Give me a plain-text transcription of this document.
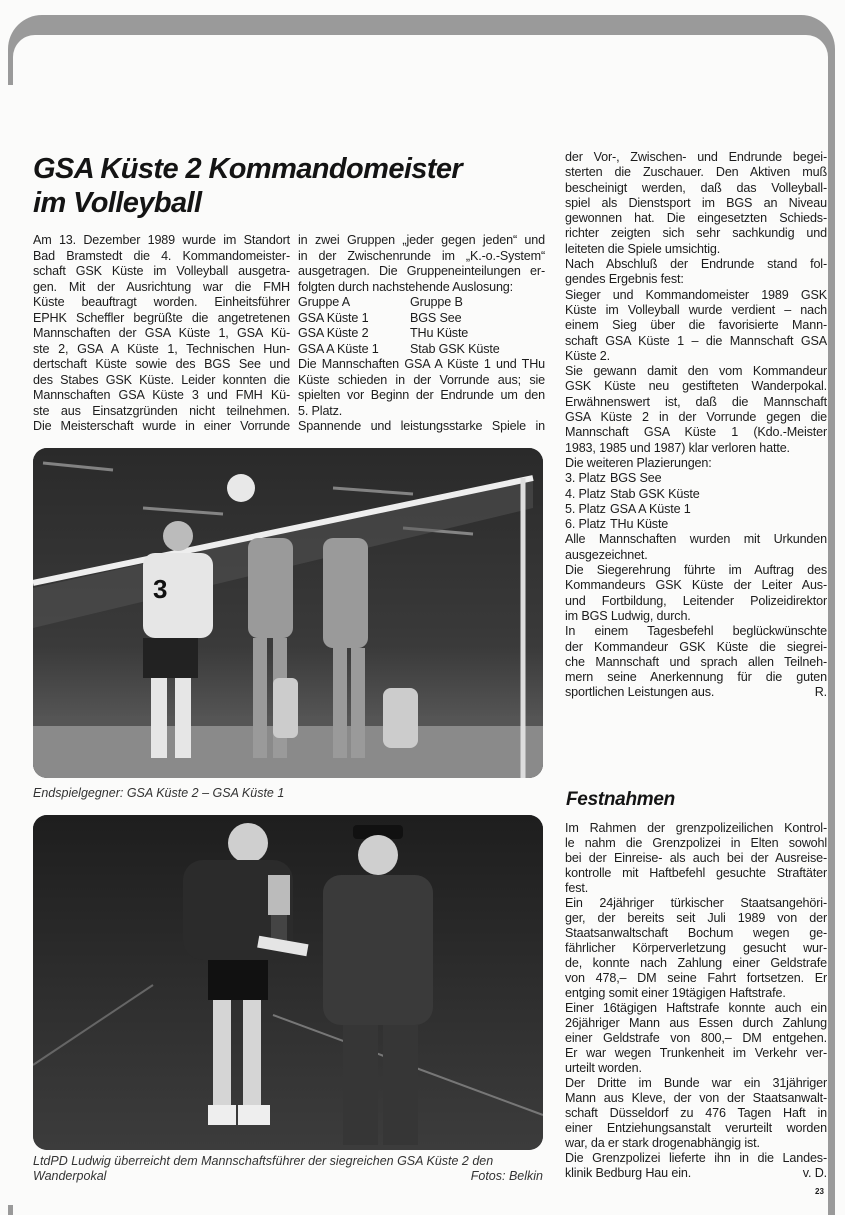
GSA Küste 2 Kommandomeister
im Volleyball
Am 13. Dezember 1989 wurde im Standort
Bad Bramstedt die 4. Kommandomeister-
schaft GSK Küste im Volleyball ausgetra-
gen. Mit der Ausrichtung war die FMH
Küste beauftragt worden. Einheitsführer
EPHK Scheffler begrüßte die angetretenen
Mannschaften der GSA Küste 1, GSA Kü-
ste 2, GSA A Küste 1, Technischen Hun-
dertschaft Küste sowie des BGS See und
des Stabes GSK Küste. Leider konnten die
Mannschaften GSA Küste 3 und FMH Kü-
ste aus Einsatzgründen nicht teilnehmen.
Die Meisterschaft wurde in einer Vorrunde
in zwei Gruppen „jeder gegen jeden“ und
in der Zwischenrunde im „K.-o.-System“
ausgetragen. Die Gruppeneinteilungen er-
folgten durch nachstehende Auslosung:
Gruppe A	Gruppe B
GSA Küste 1	BGS See
GSA Küste 2	THu Küste
GSA A Küste 1	Stab GSK Küste
Die Mannschaften GSA A Küste 1 und THu
Küste schieden in der Vorrunde aus; sie
spielten vor Beginn der Endrunde um den
5. Platz.
Spannende und leistungsstarke Spiele in
der Vor-, Zwischen- und Endrunde begei-
sterten die Zuschauer. Den Aktiven muß
bescheinigt werden, daß das Volleyball-
spiel als Dienstsport im BGS an Niveau
gewonnen hat. Die eingesetzten Schieds-
richter zeigten sich sehr sachkundig und
leiteten die Spiele umsichtig.
Nach Abschluß der Endrunde stand fol-
gendes Ergebnis fest:
Sieger und Kommandomeister 1989 GSK
Küste im Volleyball wurde verdient – nach
einem Sieg über die favorisierte Mann-
schaft GSA Küste 1 – die Mannschaft GSA
Küste 2.
Sie gewann damit den vom Kommandeur
GSK Küste neu gestifteten Wanderpokal.
Erwähnenswert ist, daß die Mannschaft
GSA Küste 2 in der Vorrunde gegen die
Mannschaft GSA Küste 1 (Kdo.-Meister
1983, 1985 und 1987) klar verloren hatte.
Die weiteren Plazierungen:
3. Platz BGS See
4. Platz Stab GSK Küste
5. Platz GSA A Küste 1
6. Platz THu Küste
Alle Mannschaften wurden mit Urkunden
ausgezeichnet.
Die Siegerehrung führte im Auftrag des
Kommandeurs GSK Küste der Leiter Aus-
und Fortbildung, Leitender Polizeidirektor
im BGS Ludwig, durch.
In einem Tagesbefehl beglückwünschte
der Kommandeur GSK Küste die siegrei-
che Mannschaft und sprach allen Teilneh-
mern seine Anerkennung für die guten
R.
sportlichen Leistungen aus.
3
Endspielgegner: GSA Küste 2 – GSA Küste 1
Fotos: Belkin
LtdPD Ludwig überreicht dem Mannschaftsführer der siegreichen GSA Küste 2 den Wanderpokal
Festnahmen
Im Rahmen der grenzpolizeilichen Kontrol-
le nahm die Grenzpolizei in Elten sowohl
bei der Einreise- als auch bei der Ausreise-
kontrolle mit Haftbefehl gesuchte Straftäter
fest.
Ein 24jähriger türkischer Staatsangehöri-
ger, der bereits seit Juli 1989 von der
Staatsanwaltschaft Bochum wegen ge-
fährlicher Körperverletzung gesucht wur-
de, konnte nach Zahlung einer Geldstrafe
von 478,– DM seine Fahrt fortsetzen. Er
entging somit einer 19tägigen Haftstrafe.
Einer 16tägigen Haftstrafe konnte auch ein
26jähriger Mann aus Essen durch Zahlung
einer Geldstrafe von 800,– DM entgehen.
Er war wegen Trunkenheit im Verkehr ver-
urteilt worden.
Der Dritte im Bunde war ein 31jähriger
Mann aus Kleve, der von der Staatsanwalt-
schaft Düsseldorf zu 476 Tagen Haft in
einer Entziehungsanstalt verurteilt worden
war, da er stark drogenabhängig ist.
Die Grenzpolizei lieferte ihn in die Landes-
v. D.
klinik Bedburg Hau ein.
23
